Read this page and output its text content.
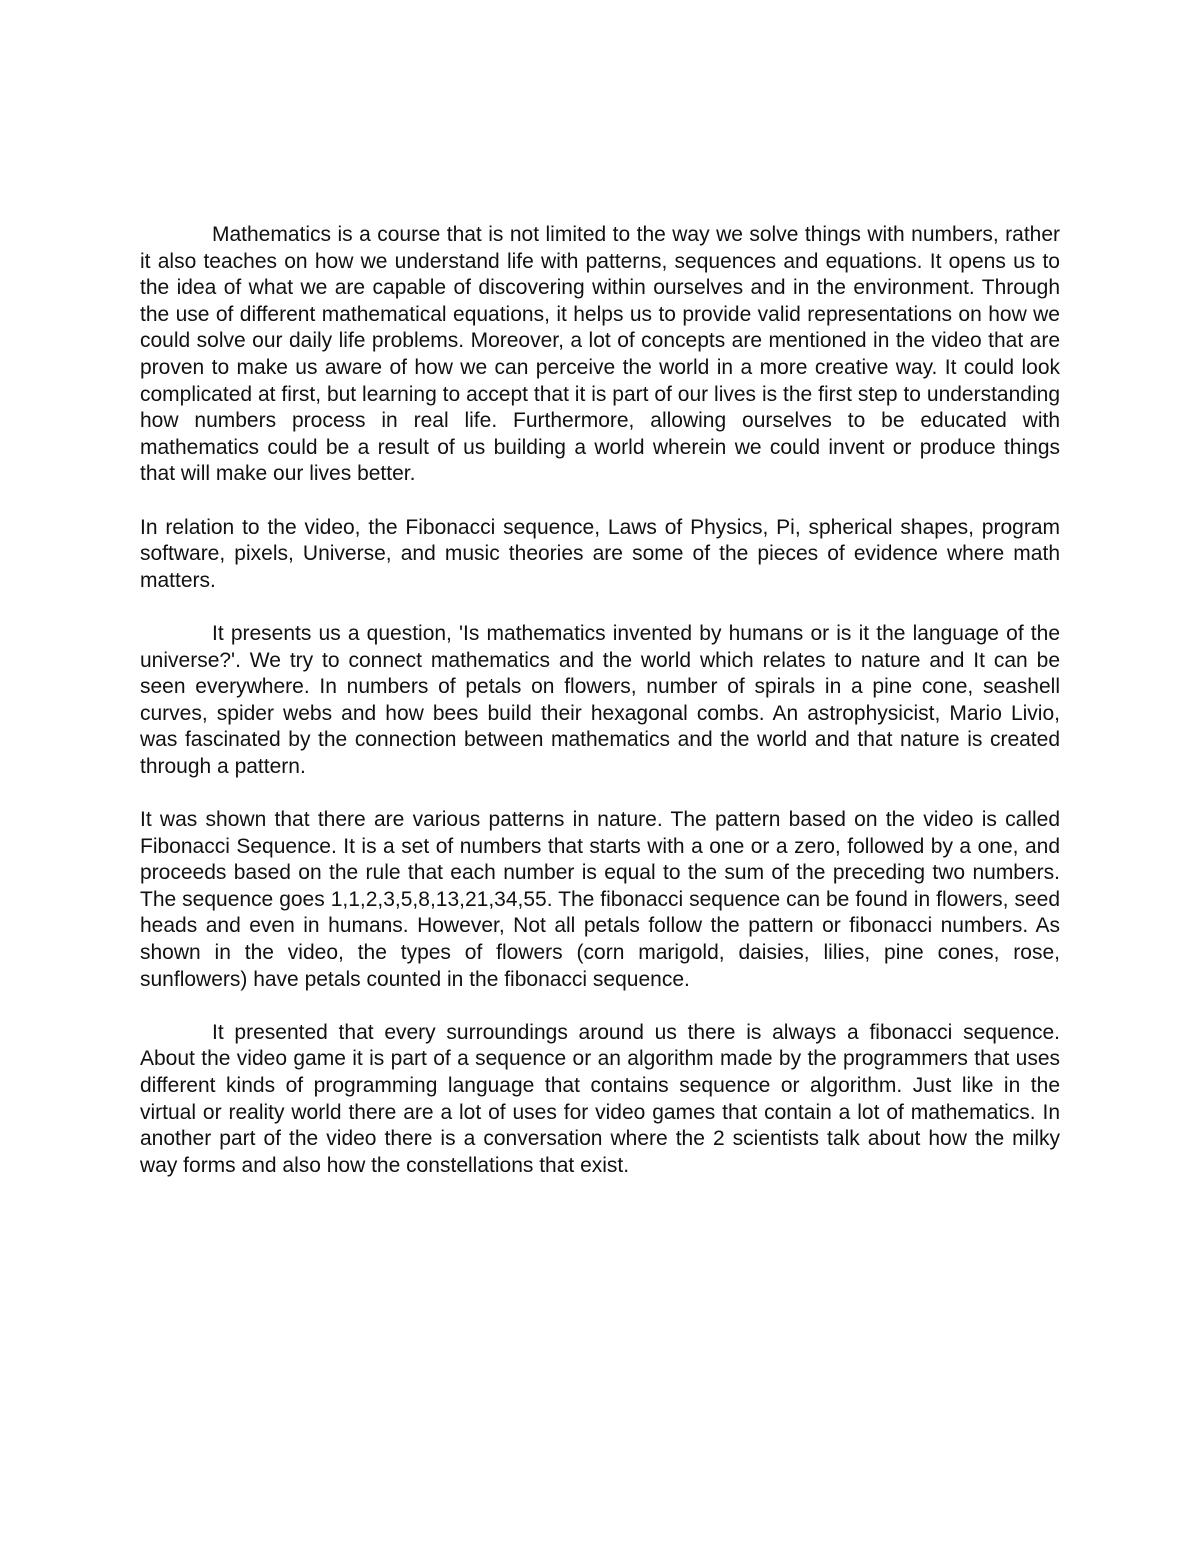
Mathematics is a course that is not limited to the way we solve things with numbers, rather it also teaches on how we understand life with patterns, sequences and equations. It opens us to the idea of what we are capable of discovering within ourselves and in the environment. Through the use of different mathematical equations, it helps us to provide valid representations on how we could solve our daily life problems. Moreover, a lot of concepts are mentioned in the video that are proven to make us aware of how we can perceive the world in a more creative way. It could look complicated at first, but learning to accept that it is part of our lives is the first step to understanding how numbers process in real life. Furthermore, allowing ourselves to be educated with mathematics could be a result of us building a world wherein we could invent or produce things that will make our lives better.

In relation to the video, the Fibonacci sequence, Laws of Physics, Pi, spherical shapes, program software, pixels, Universe, and music theories are some of the pieces of evidence where math matters.

It presents us a question, 'Is mathematics invented by humans or is it the language of the universe?'. We try to connect mathematics and the world which relates to nature and It can be seen everywhere. In numbers of petals on flowers, number of spirals in a pine cone, seashell curves, spider webs and how bees build their hexagonal combs. An astrophysicist, Mario Livio, was fascinated by the connection between mathematics and the world and that nature is created through a pattern.

It was shown that there are various patterns in nature. The pattern based on the video is called Fibonacci Sequence. It is a set of numbers that starts with a one or a zero, followed by a one, and proceeds based on the rule that each number is equal to the sum of the preceding two numbers. The sequence goes 1,1,2,3,5,8,13,21,34,55. The fibonacci sequence can be found in flowers, seed heads and even in humans. However, Not all petals follow the pattern or fibonacci numbers. As shown in the video, the types of flowers (corn marigold, daisies, lilies, pine cones, rose, sunflowers) have petals counted in the fibonacci sequence.

It presented that every surroundings around us there is always a fibonacci sequence. About the video game it is part of a sequence or an algorithm made by the programmers that uses different kinds of programming language that contains sequence or algorithm. Just like in the virtual or reality world there are a lot of uses for video games that contain a lot of mathematics. In another part of the video there is a conversation where the 2 scientists talk about how the milky way forms and also how the constellations that exist.
